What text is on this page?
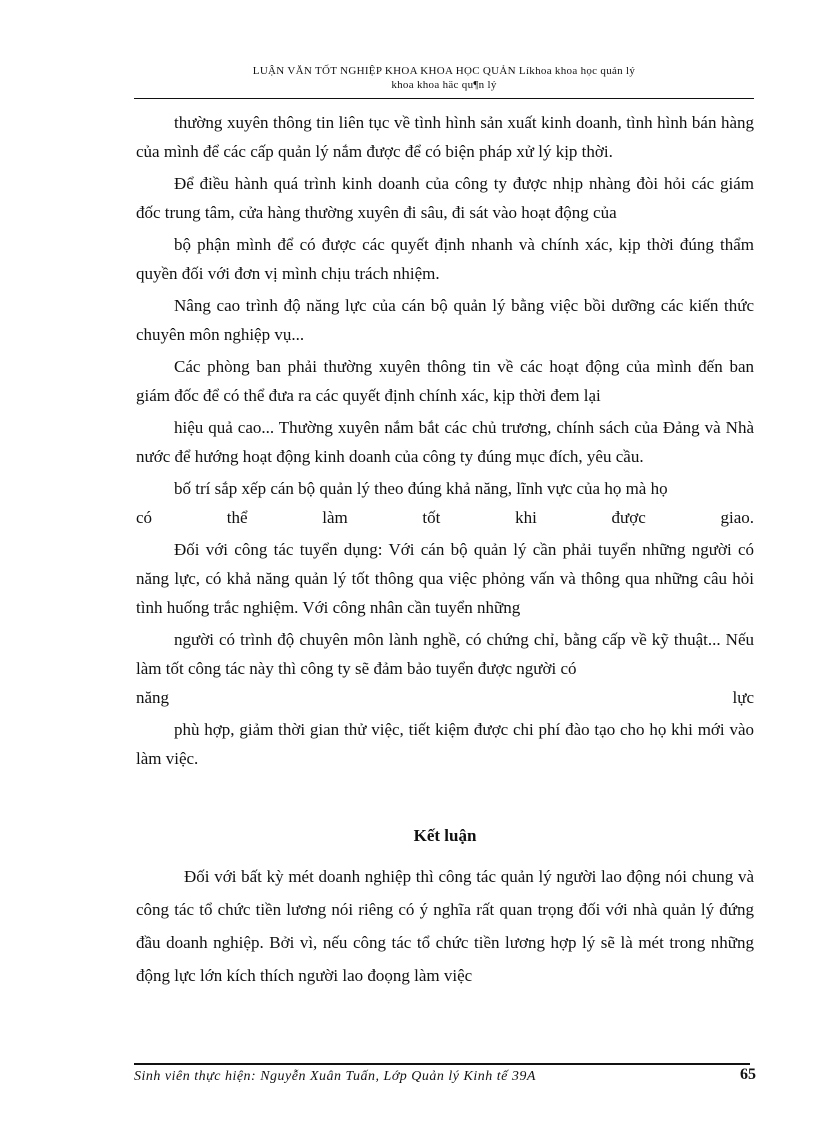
LUẬN VĂN TỐT NGHIỆP KHOA KHOA HỌC QUẢN Líkhoa khoa học quản lý
khoa khoa häc qu¶n lý

thường xuyên thông tin liên tục về tình hình sản xuất kinh doanh, tình hình bán hàng của mình để các cấp quản lý nắm được để có biện pháp xử lý kịp thời.

Để điều hành quá trình kinh doanh của công ty được nhịp nhàng đòi hỏi các giám đốc trung tâm, cửa hàng thường xuyên đi sâu, đi sát vào hoạt động của

bộ phận mình để có được các quyết định nhanh và chính xác, kịp thời đúng thẩm quyền đối với đơn vị mình chịu trách nhiệm.

Nâng cao trình độ năng lực của cán bộ quản lý bằng việc bồi dưỡng các kiến thức chuyên môn nghiệp vụ...

Các phòng ban phải thường xuyên thông tin về các hoạt động của mình đến ban giám đốc để có thể đưa ra các quyết định chính xác, kịp thời đem lại

hiệu quả cao... Thường xuyên nắm bắt các chủ trương, chính sách của Đảng và Nhà nước để hướng hoạt động kinh doanh của công ty đúng mục đích, yêu cầu.

bố trí sắp xếp cán bộ quản lý theo đúng khả năng, lĩnh vực của họ mà họ

có thể làm tốt khi được giao.

Đối với công tác tuyển dụng: Với cán bộ quản lý cần phải tuyển những người có năng lực, có khả năng quản lý tốt thông qua việc phỏng vấn và thông qua những câu hỏi tình huống trắc nghiệm. Với công nhân cần tuyển những

người có trình độ chuyên môn lành nghề, có chứng chỉ, bằng cấp về kỹ thuật... Nếu làm tốt công tác này thì công ty sẽ đảm bảo tuyển được người có

năng lực

phù hợp, giảm thời gian thử việc, tiết kiệm được chi phí đào tạo cho họ khi mới vào làm việc.

Kết luận

Đối với bất kỳ mét doanh nghiệp thì công tác quản lý người lao động nói chung và công tác tổ chức tiền lương nói riêng có ý nghĩa rất quan trọng đối với nhà quản lý đứng đầu doanh nghiệp. Bởi vì, nếu công tác tổ chức tiền lương hợp lý sẽ là mét trong những động lực lớn kích thích người lao đoọng làm việc

Sinh viên thực hiện: Nguyễn Xuân Tuấn, Lớp Quản lý Kinh tế 39A	65
